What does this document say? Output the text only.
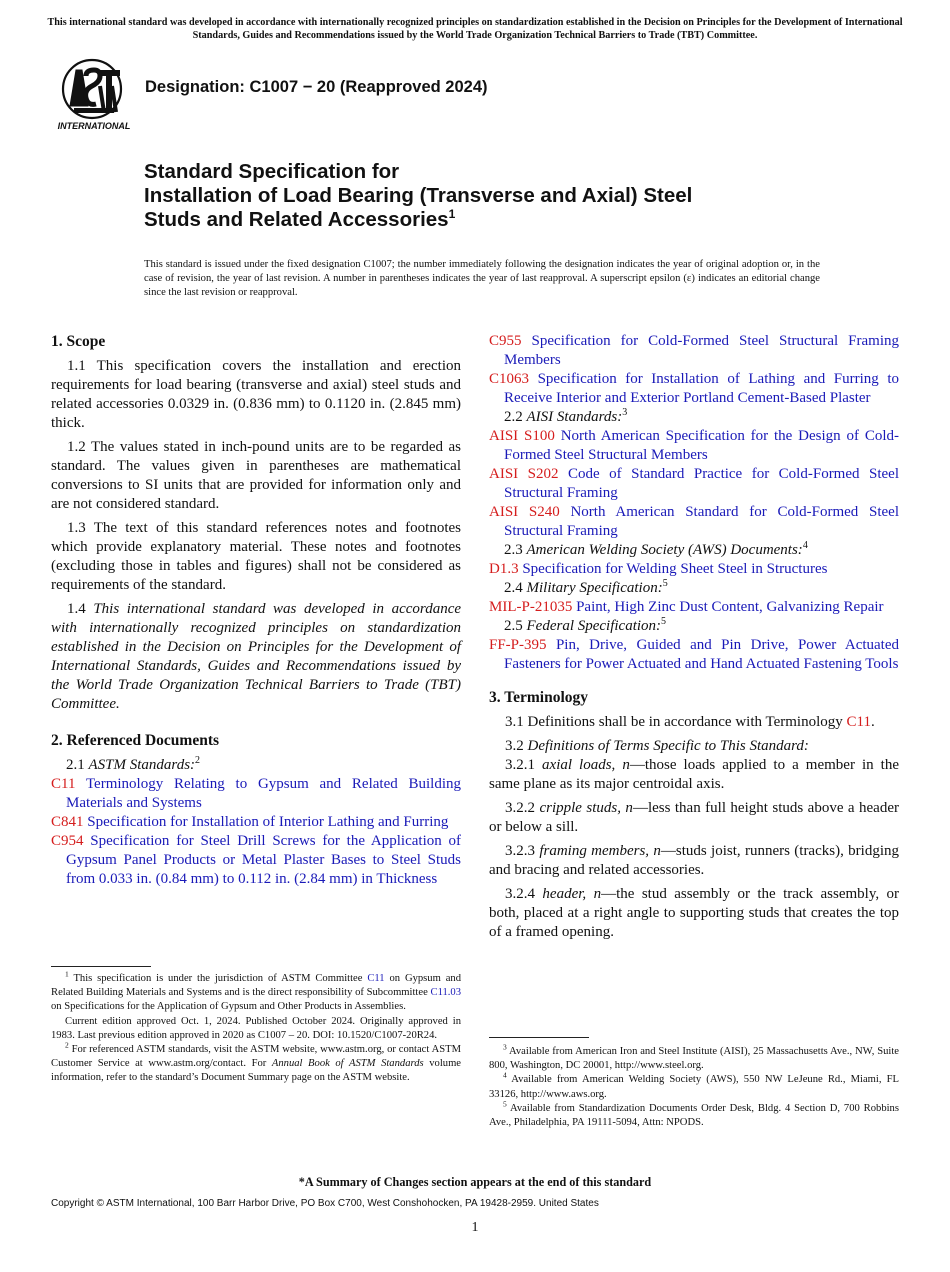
This international standard was developed in accordance with internationally recognized principles on standardization established in the Decision on Principles for the Development of International Standards, Guides and Recommendations issued by the World Trade Organization Technical Barriers to Trade (TBT) Committee.
INTERNATIONAL
Designation: C1007 − 20 (Reapproved 2024)
Standard Specification for
Installation of Load Bearing (Transverse and Axial) Steel
Studs and Related Accessories$^1$
This standard is issued under the fixed designation C1007; the number immediately following the designation indicates the year of original adoption or, in the case of revision, the year of last revision. A number in parentheses indicates the year of last reapproval. A superscript epsilon (ε) indicates an editorial change since the last revision or reapproval.
1. Scope

1.1 This specification covers the installation and erection requirements for load bearing (transverse and axial) steel studs and related accessories 0.0329 in. (0.836 mm) to 0.1120 in. (2.845 mm) thick.

1.2 The values stated in inch-pound units are to be regarded as standard. The values given in parentheses are mathematical conversions to SI units that are provided for information only and are not considered standard.

1.3 The text of this standard references notes and footnotes which provide explanatory material. These notes and footnotes (excluding those in tables and figures) shall not be considered as requirements of the standard.

1.4 This international standard was developed in accordance with internationally recognized principles on standardization established in the Decision on Principles for the Development of International Standards, Guides and Recommendations issued by the World Trade Organization Technical Barriers to Trade (TBT) Committee.

2. Referenced Documents

2.1 ASTM Standards:$^2$

C11 Terminology Relating to Gypsum and Related Building Materials and Systems

C841 Specification for Installation of Interior Lathing and Furring

C954 Specification for Steel Drill Screws for the Application of Gypsum Panel Products or Metal Plaster Bases to Steel Studs from 0.033 in. (0.84 mm) to 0.112 in. (2.84 mm) in Thickness

C955 Specification for Cold-Formed Steel Structural Framing Members

C1063 Specification for Installation of Lathing and Furring to Receive Interior and Exterior Portland Cement-Based Plaster

2.2 AISI Standards:$^3$

AISI S100 North American Specification for the Design of Cold-Formed Steel Structural Members

AISI S202 Code of Standard Practice for Cold-Formed Steel Structural Framing

AISI S240 North American Standard for Cold-Formed Steel Structural Framing

2.3 American Welding Society (AWS) Documents:$^4$

D1.3 Specification for Welding Sheet Steel in Structures

2.4 Military Specification:$^5$

MIL-P-21035 Paint, High Zinc Dust Content, Galvanizing Repair

2.5 Federal Specification:$^5$

FF-P-395 Pin, Drive, Guided and Pin Drive, Power Actuated Fasteners for Power Actuated and Hand Actuated Fastening Tools

3. Terminology

3.1 Definitions shall be in accordance with Terminology C11.

3.2 Definitions of Terms Specific to This Standard:

3.2.1 axial loads, n—those loads applied to a member in the same plane as its major centroidal axis.

3.2.2 cripple studs, n—less than full height studs above a header or below a sill.

3.2.3 framing members, n—studs joist, runners (tracks), bridging and bracing and related accessories.

3.2.4 header, n—the stud assembly or the track assembly, or both, placed at a right angle to supporting studs that creates the top of a framed opening.

$^1$ This specification is under the jurisdiction of ASTM Committee C11 on Gypsum and Related Building Materials and Systems and is the direct responsibility of Subcommittee C11.03 on Specifications for the Application of Gypsum and Other Products in Assemblies.

Current edition approved Oct. 1, 2024. Published October 2024. Originally approved in 1983. Last previous edition approved in 2020 as C1007 – 20. DOI: 10.1520/C1007-20R24.

$^2$ For referenced ASTM standards, visit the ASTM website, www.astm.org, or contact ASTM Customer Service at www.astm.org/contact. For Annual Book of ASTM Standards volume information, refer to the standard’s Document Summary page on the ASTM website.

$^3$ Available from American Iron and Steel Institute (AISI), 25 Massachusetts Ave., NW, Suite 800, Washington, DC 20001, http://www.steel.org.

$^4$ Available from American Welding Society (AWS), 550 NW LeJeune Rd., Miami, FL 33126, http://www.aws.org.

$^5$ Available from Standardization Documents Order Desk, Bldg. 4 Section D, 700 Robbins Ave., Philadelphia, PA 19111-5094, Attn: NPODS.

*A Summary of Changes section appears at the end of this standard
Copyright © ASTM International, 100 Barr Harbor Drive, PO Box C700, West Conshohocken, PA 19428-2959. United States
1
